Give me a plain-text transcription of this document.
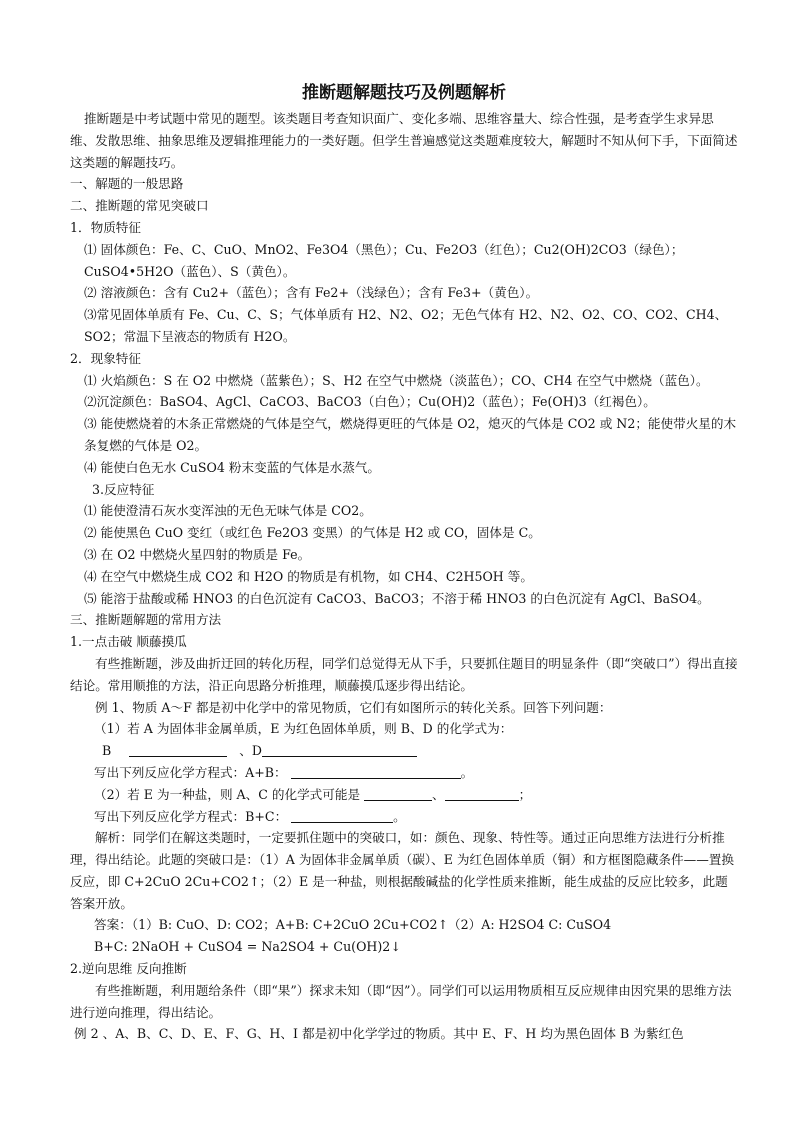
推断题解题技巧及例题解析

推断题是中考试题中常见的题型。该类题目考查知识面广、变化多端、思维容量大、综合性强，是考查学生求异思维、发散思维、抽象思维及逻辑推理能力的一类好题。但学生普遍感觉这类题难度较大，解题时不知从何下手，下面简述这类题的解题技巧。

一、解题的一般思路

二、推断题的常见突破口

1．物质特征

⑴ 固体颜色：Fe、C、CuO、MnO2、Fe3O4（黑色）；Cu、Fe2O3（红色）；Cu2(OH)2CO3（绿色）；CuSO4•5H2O（蓝色）、S（黄色）。

⑵ 溶液颜色：含有 Cu2+（蓝色）；含有 Fe2+（浅绿色）；含有 Fe3+（黄色）。

⑶常见固体单质有 Fe、Cu、C、S；气体单质有 H2、N2、O2；无色气体有 H2、N2、O2、CO、CO2、CH4、SO2；常温下呈液态的物质有 H2O。

2．现象特征

⑴ 火焰颜色：S 在 O2 中燃烧（蓝紫色）；S、H2 在空气中燃烧（淡蓝色）；CO、CH4 在空气中燃烧（蓝色）。

⑵沉淀颜色：BaSO4、AgCl、CaCO3、BaCO3（白色）；Cu(OH)2（蓝色）；Fe(OH)3（红褐色）。

⑶ 能使燃烧着的木条正常燃烧的气体是空气，燃烧得更旺的气体是 O2，熄灭的气体是 CO2 或 N2；能使带火星的木条复燃的气体是 O2。

⑷ 能使白色无水 CuSO4 粉末变蓝的气体是水蒸气。

3.反应特征

⑴ 能使澄清石灰水变浑浊的无色无味气体是 CO2。

⑵ 能使黑色 CuO 变红（或红色 Fe2O3 变黑）的气体是 H2 或 CO，固体是 C。

⑶ 在 O2 中燃烧火星四射的物质是 Fe。

⑷ 在空气中燃烧生成 CO2 和 H2O 的物质是有机物，如 CH4、C2H5OH 等。

⑸ 能溶于盐酸或稀 HNO3 的白色沉淀有 CaCO3、BaCO3；不溶于稀 HNO3 的白色沉淀有 AgCl、BaSO4。

三、推断题解题的常用方法

1.一点击破 顺藤摸瓜

有些推断题，涉及曲折迂回的转化历程，同学们总觉得无从下手，只要抓住题目的明显条件（即“突破口”）得出直接结论。常用顺推的方法，沿正向思路分析推理，顺藤摸瓜逐步得出结论。

例 1、物质 A～F 都是初中化学中的常见物质，它们有如图所示的转化关系。回答下列问题：

（1）若 A 为固体非金属单质，E 为红色固体单质，则 B、D 的化学式为：

B	、D

写出下列反应化学方程式：A+B：	。

（2）若 E 为一种盐，则 A、C 的化学式可能是	、	；

写出下列反应化学方程式：B+C：	。

解析：同学们在解这类题时，一定要抓住题中的突破口，如：颜色、现象、特性等。通过正向思维方法进行分析推理，得出结论。此题的突破口是：（1）A 为固体非金属单质（碳）、E 为红色固体单质（铜）和方框图隐藏条件——置换反应，即 C+2CuO 2Cu+CO2↑；（2）E 是一种盐，则根据酸碱盐的化学性质来推断，能生成盐的反应比较多，此题答案开放。

答案：（1）B: CuO、D: CO2；A+B: C+2CuO 2Cu+CO2↑（2）A: H2SO4 C: CuSO4

B+C: 2NaOH + CuSO4 = Na2SO4 + Cu(OH)2↓

2.逆向思维 反向推断

有些推断题，利用题给条件（即“果”）探求未知（即“因”）。同学们可以运用物质相互反应规律由因究果的思维方法进行逆向推理，得出结论。

例 2 、A、B、C、D、E、F、G、H、I 都是初中化学学过的物质。其中 E、F、H 均为黑色固体 B 为紫红色
